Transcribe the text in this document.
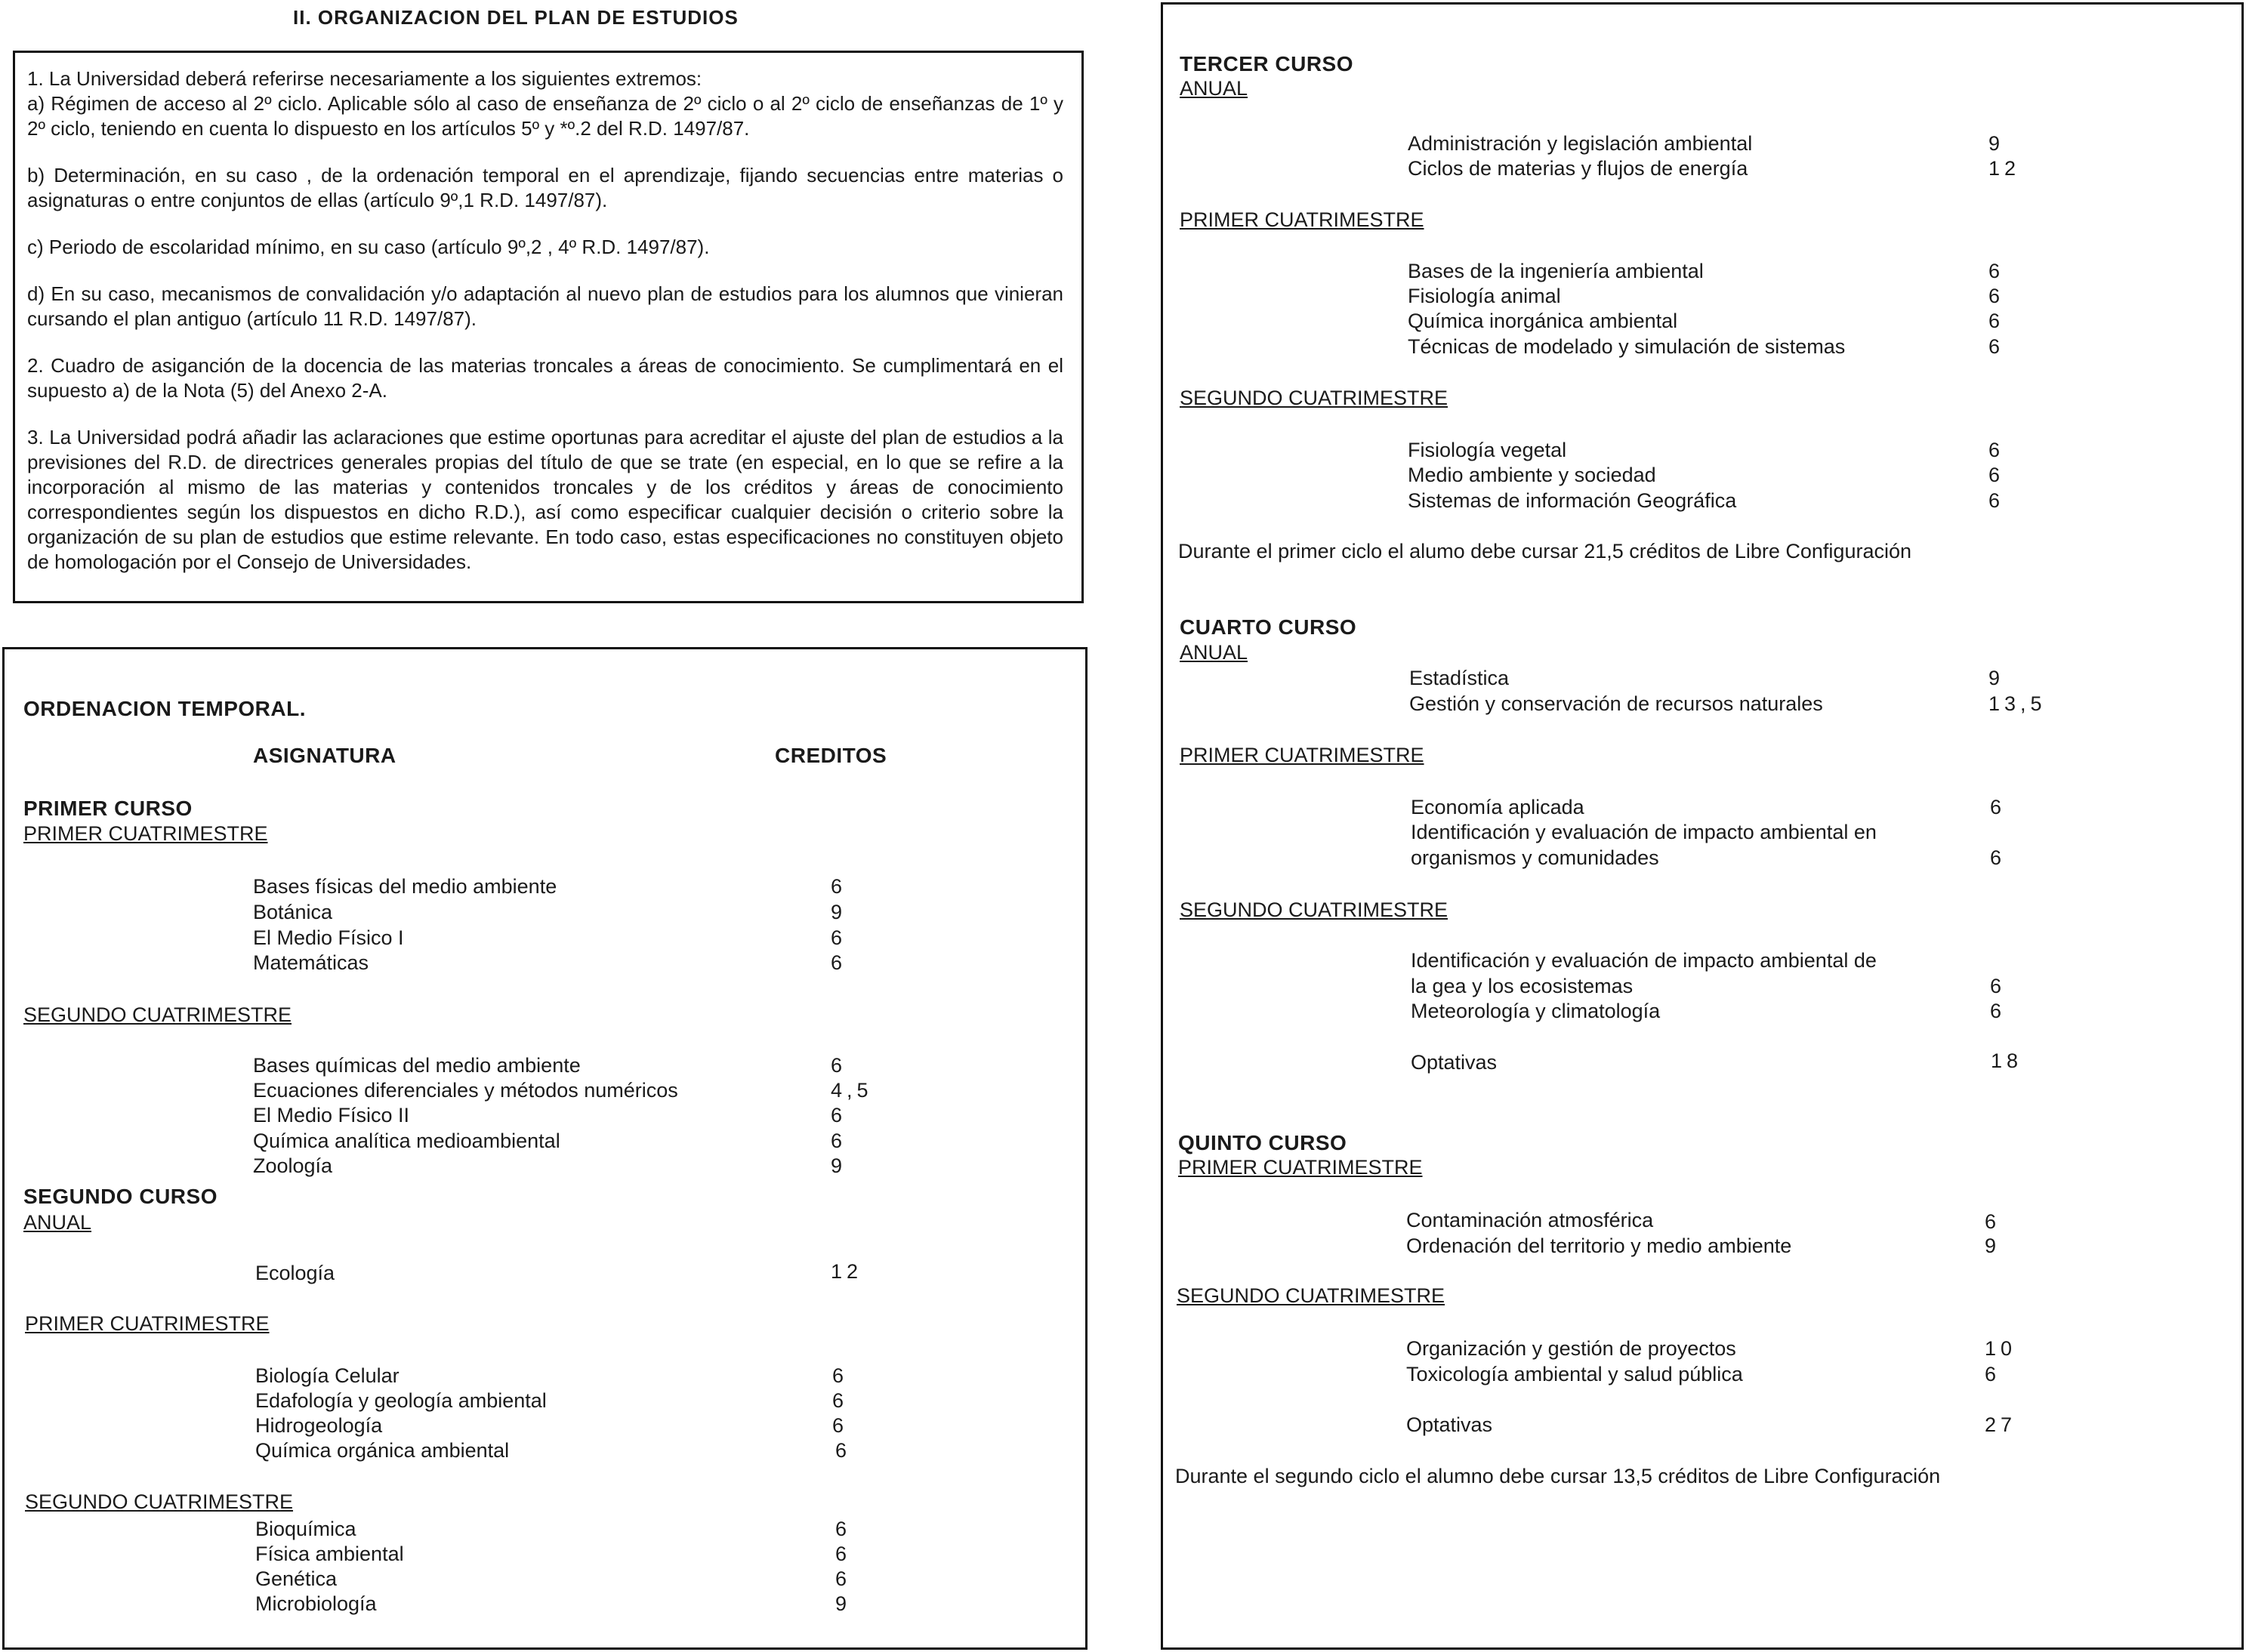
II. ORGANIZACION DEL PLAN DE ESTUDIOS

1. La Universidad deberá referirse necesariamente a los siguientes extremos:
a) Régimen de acceso al 2º ciclo. Aplicable sólo al caso de enseñanza de 2º ciclo o al 2º ciclo de enseñanzas de 1º y 2º ciclo, teniendo en cuenta lo dispuesto en los artículos 5º y *º.2 del R.D. 1497/87.

b) Determinación, en su caso , de la ordenación temporal en el aprendizaje, fijando secuencias entre materias o asignaturas o entre conjuntos de ellas (artículo 9º,1 R.D. 1497/87).

c) Periodo de escolaridad mínimo, en su caso (artículo 9º,2 , 4º R.D. 1497/87).

d) En su caso, mecanismos de convalidación y/o adaptación al nuevo plan de estudios para los alumnos que vinieran cursando el plan antiguo (artículo 11 R.D. 1497/87).

2. Cuadro de asiganción de la docencia de las materias troncales a áreas de conocimiento. Se cumplimentará en el supuesto a) de la Nota (5) del Anexo 2-A.

3. La Universidad podrá añadir las aclaraciones que estime oportunas para acreditar el ajuste del plan de estudios a la previsiones del R.D. de directrices generales propias del título de que se trate (en especial, en lo que se refire a la incorporación al mismo de las materias y contenidos troncales y de los créditos y áreas de conocimiento correspondientes según los dispuestos en dicho R.D.), así como especificar cualquier decisión o criterio sobre la organización de su plan de estudios que estime relevante. En todo caso, estas especificaciones no constituyen objeto de homologación por el Consejo de Universidades.

ORDENACION TEMPORAL.
ASIGNATURA	CREDITOS
PRIMER CURSO
PRIMER CUATRIMESTRE
Bases físicas del medio ambiente	6
Botánica	9
El Medio Físico I	6
Matemáticas	6
SEGUNDO CUATRIMESTRE
Bases químicas del medio ambiente	6
Ecuaciones diferenciales y métodos numéricos	4,5
El Medio Físico II	6
Química analítica medioambiental	6
Zoología	9
SEGUNDO CURSO
ANUAL
Ecología	12
PRIMER CUATRIMESTRE
Biología Celular	6
Edafología y geología ambiental	6
Hidrogeología	6
Química orgánica ambiental	6
SEGUNDO CUATRIMESTRE
Bioquímica	6
Física ambiental	6
Genética	6
Microbiología	9
TERCER CURSO
ANUAL
Administración y legislación ambiental	9
Ciclos de materias y flujos de energía	12
PRIMER CUATRIMESTRE
Bases de la ingeniería ambiental	6
Fisiología animal	6
Química inorgánica ambiental	6
Técnicas de modelado y simulación de sistemas	6
SEGUNDO CUATRIMESTRE
Fisiología vegetal	6
Medio ambiente y sociedad	6
Sistemas de información Geográfica	6
Durante el primer ciclo el alumo debe cursar 21,5 créditos de Libre Configuración
CUARTO CURSO
ANUAL
Estadística	9
Gestión y conservación de recursos naturales	13,5
PRIMER CUATRIMESTRE
Economía aplicada	6
Identificación y evaluación de impacto ambiental en
organismos y comunidades	6
SEGUNDO CUATRIMESTRE
Identificación y evaluación de impacto ambiental de
la gea y los ecosistemas	6
Meteorología y climatología	6
Optativas	18
QUINTO CURSO
PRIMER CUATRIMESTRE
Contaminación atmosférica	6
Ordenación del territorio y medio ambiente	9
SEGUNDO CUATRIMESTRE
Organización y gestión de proyectos	10
Toxicología ambiental y salud pública	6
Optativas	27
Durante el segundo ciclo el alumno debe cursar 13,5 créditos de Libre Configuración
